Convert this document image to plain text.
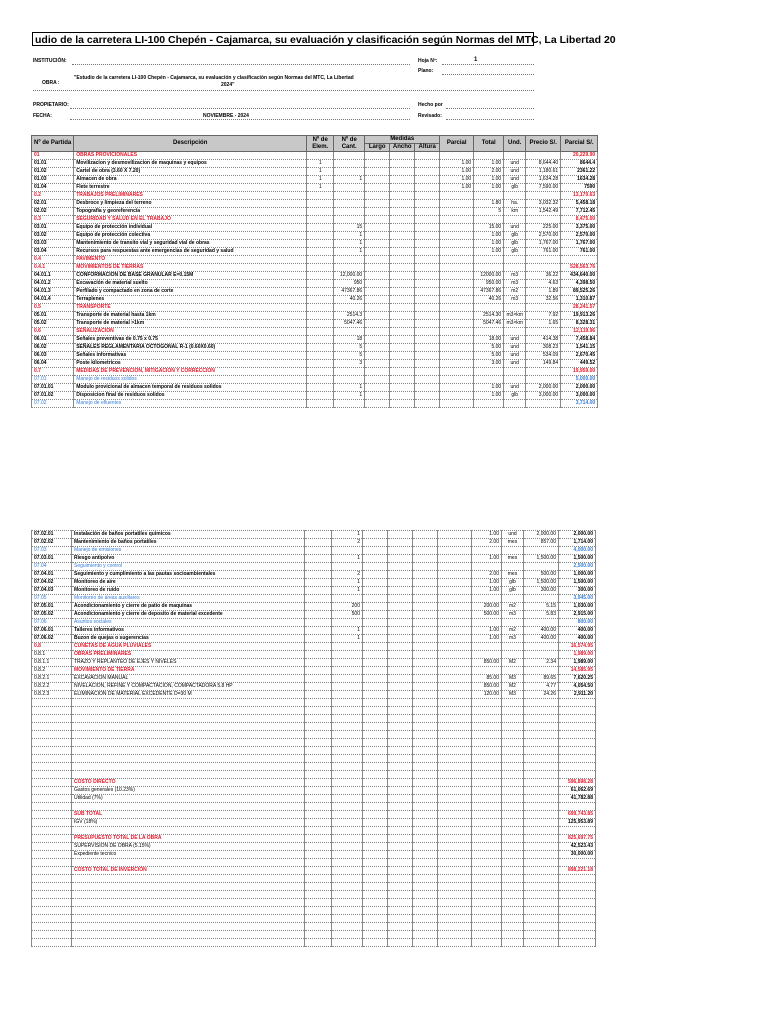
udio de la carretera LI-100 Chepén - Cajamarca, su evaluación y clasificación según Normas del MTC, La Libertad 20
INSTITUCIÓN:	Hoja Nº:	1
Plano:
OBRA :
"Estudio de la carretera LI-100 Chepén - Cajamarca, su evaluación y clasificación según Normas del MTC, La Libertad
2024"
PROPIETARIO:	Hecho por
FECHA:	NOVIEMBRE - 2024	Revisado:
Nº de Partida	Descripción	Nº de Elem.	Nº de Cant.	Medidas			Parcial	Total	Und.	Precio S/.	Parcial S/.
				Largo	Ancho	Altura					
01	OBRAS PROVICIONALES										20,229.90
01.01	Movilizacion y desmovilizacion de maquinas y equipos	1					1.00	1.00	und	8,644.40	8644.4
01.02	Cartel de obra (3.60 X 7.20)	1					1.00	2.00	und	1,180.61	2361.22
01.03	Almacen de obra	1	1				1.00	1.00	und	1,634.28	1634.28
01.04	Flete terrestre	1					1.00	1.00	glb	7,590.00	7590
0.2	TRABAJOS PRELIMINARES										13,170.63
02.01	Desbroce y limpieza del terreno							1.80	ha.	3,032.32	5,458.18
02.02	Topografía y georeferencia							5	km	1,542.49	7,712.45
0.3	SEGURIDAD Y SALUD EN EL TRABAJO										8,475.00
03.01	Equipo de protección individual		15					15.00	und	225.00	3,375.00
03.02	Equipo de protección colectiva		1					1.00	glb	2,570.00	2,570.00
03.03	Mantenimiento de transito vial y seguridad vial de obras		1					1.00	glb	1,767.00	1,767.00
03.04	Recursos para respuestas ante emergencias de seguridad y salud		1					1.00	glb	761.00	761.00
0.4	PAVIMENTO										
0.4.1	MOVIMIENTOS DE TIERRAS										528,563.76
04.01.1	CONFORMACION DE BASE GRANULAR E=0.15M		12,000.00					12000.00	m3	36.22	434,640.00
04.01.2	Excavación de material suelto		950					950.00	m3	4.63	4,398.50
04.01.3	Perfilado y compactado en zona de corte		47367.86					47367.86	m2	1.89	89,525.26
04.01.4	Terraplenes		40.26					40.26	m3	32.56	1,310.87
0.5	TRANSPORTE										28,241.57
05.01	Transporte de material hasta 1km		2514.3					2514.30	m3×km	7.92	19,913.26
05.02	Transporte de material >1km		5047.46					5047.46	m3×km	1.65	8,328.31
0.6	SEÑALIZACION										12,119.96
06.01	Señales preventivas de 0.75 x 0.75		18					18.00	und	414.38	7,458.84
06.02	SEÑALES REGLAMENTARIA OCTOGONAL R-1 (0.60X0.60)		5					5.00	und	308.23	1,541.15
06.03	Señales informativas		5					5.00	und	534.09	2,670.45
06.04	Poste kilometricos		3					3.00	und	149.84	449.52
0.7	MEDIDAS DE PREVENCION, MITIGACION Y CORRECCION										19,959.00
07.01	Manejo de residuos solidos										5,000.00
07.01.01	Modulo provicional de almacen temporal de residuos solidos		1					1.00	und	2,000.00	2,000.00
07.01.02	Disposicion final de residuos solidos		1					1.00	glb	3,000.00	3,000.00
07.02	Manejo de efluentes										3,714.00
07.02.01	Instalación de baños portatiles quimicos		1					1.00	und	2,000.00	2,000.00
07.02.02	Mantenimiento de baños portatiles		2					2.00	mes	857.00	1,714.00
07.03	Manejo de emisiones										4,000.00
07.03.01	Riesgo antipolvo		1					1.00	mes	1,500.00	1,500.00
07.04	Seguimiento y control										2,500.00
07.04.01	Seguimiento y cumplimiento a las pautas socioambientales		2					2.00	mes	500.00	1,000.00
07.04.02	Monitoreo de aire		1					1.00	glb	1,500.00	1,500.00
07.04.03	Monitoreo de ruido		1					1.00	glb	300.00	300.00
07.05	Monitoreo de áreas auxiliares										3,945.00
07.05.01	Acondicionamiento y cierre de patio de maquinas		200					200.00	m2	5.15	1,030.00
07.05.02	Acondicionamiento y cierre de deposito de material excedente		500					500.00	m3	5.83	2,915.00
07.06	Asuntos sociales										800.00
07.06.01	Talleres informativos		1					1.00	m2	400.00	400.00
07.06.02	Buzon de quejas o sugerencias		1					1.00	m3	400.00	400.00
0.8	CUNETAS DE AGUA PLUVIALES										16,574.95
0.8.1	OBRAS PRELIMINARES										1,989.00
0.8.1.1	TRAZO Y REPLANTEO DE EJES Y NIVELES							850.00	M2	2.34	1,989.00
0.8.2	MOVIMIENTO DE TIERRA										14,585.95
0.8.2.1	EXCAVACION MANUAL							85.00	M3	89.65	7,620.25
0.8.2.2	NIVELACION, REFINE Y COMPACTACION, COMPACTADORA 5.8 HP							850.00	M2	4.77	4,054.50
0.8.2.3	ELIMINACION DE MATERIAL EXCEDENTE D=30 M							120.00	M3	24.26	2,911.20

	COSTO DIRECTO										596,898.28
	Gastos generales (10.23%)										61,062.69
	Utilidad (7%)										41,782.88

	SUB TOTAL										699,743.85
	IGV (18%)										125,953.89

	PRESUPUESTO TOTAL DE LA OBRA										825,697.75
	SUPERVISION DE OBRA (5.15%)										42,523.43
	Expediente tecnico										30,000.00

	COSTO TOTAL DE INVERCIÓN										898,221.18
